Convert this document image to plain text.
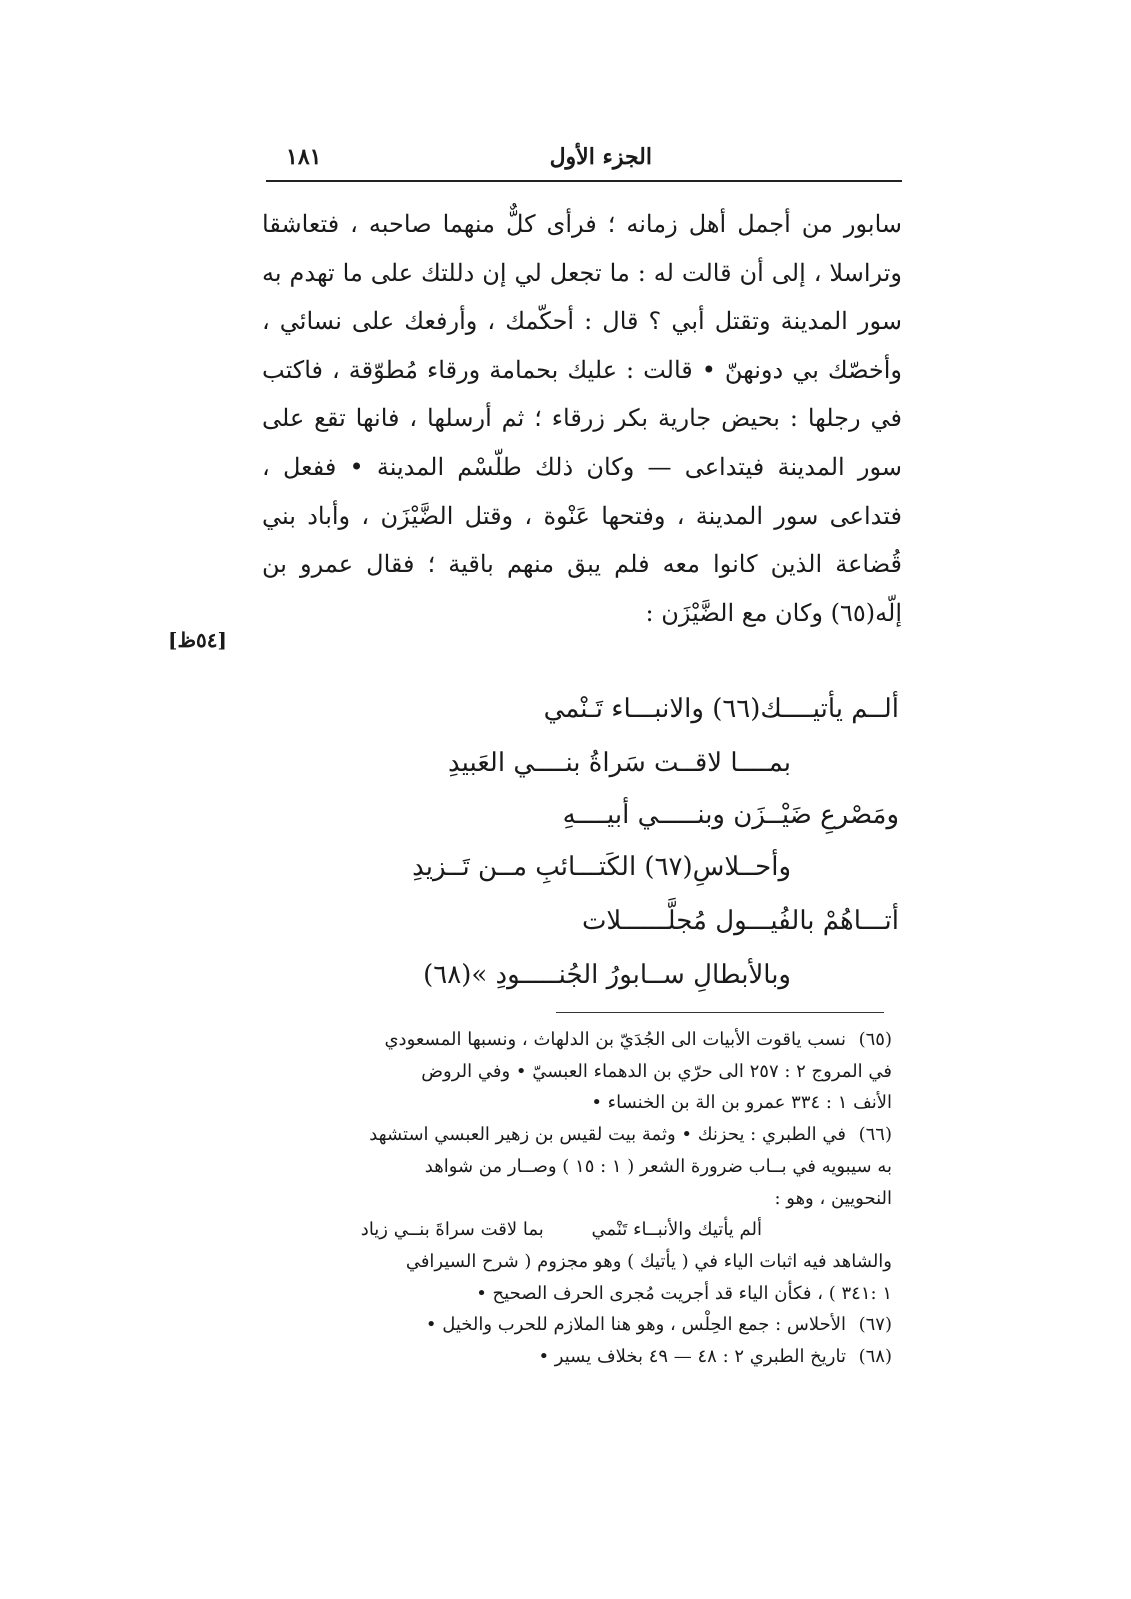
الجزء الأول
١٨١

سابور من أجمل أهل زمانه ؛ فرأى كلٌّ منهما صاحبه ، فتعاشقا وتراسلا ، إلى أن قالت له : ما تجعل لي إن دللتك على ما تهدم به سور المدينة وتقتل أبي ؟ قال : أحكّمك ، وأرفعك على نسائي ، وأخصّك بي دونهنّ • قالت : عليك بحمامة ورقاء مُطوّقة ، فاكتب في رجلها : بحيض جارية بكر زرقاء ؛ ثم أرسلها ، فانها تقع على سور المدينة فيتداعى — وكان ذلك طلّسْم المدينة • ففعل ، فتداعى سور المدينة ، وفتحها عَنْوة ، وقتل الضَّيْزَن ، وأباد بني قُضاعة الذين كانوا معه فلم يبق منهم باقية ؛ فقال عمرو بن إلّه(٦٥) وكان مع الضَّيْزَن :

[٥٤ظ]
ألــم يأتيــــك(٦٦) والانبـــاء تَـنْمي
بمــــا لاقــت سَراةُ بنــــي العَبيدِ
ومَصْرعِ ضَيْــزَن وبنـــــي أبيــــهِ
وأحــلاسِ(٦٧) الكَتـــائبِ مــن تَــزيدِ
أتـــاهُمْ بالفُيـــول مُجلَّــــــلات
وبالأبطالِ ســابورُ الجُنـــــودِ »(٦٨)
(٦٥)
نسب ياقوت الأبيات الى الجُدَيّ بن الدلهاث ، ونسبها المسعودي
في المروج ٢ : ٢٥٧ الى حرّي بن الدهماء العبسيّ • وفي الروض
الأنف ١ : ٣٣٤ عمرو بن الة بن الخنساء •
(٦٦)
في الطبري : يحزنك • وثمة بيت لقيس بن زهير العبسي استشهد
به سيبويه في بــاب ضرورة الشعر ( ١ : ١٥ ) وصــار من شواهد
النحويين ، وهو :
ألم يأتيك والأنبــاء تَنْمي بما لاقت سراةَ بنــي زياد
والشاهد فيه اثبات الياء في ( يأتيك ) وهو مجزوم ( شرح السيرافي
١ :٣٤١ ) ، فكأن الياء قد أجريت مُجرى الحرف الصحيح •
(٦٧)
الأحلاس : جمع الحِلْس ، وهو هنا الملازم للحرب والخيل •
(٦٨)
تاريخ الطبري ٢ : ٤٨ — ٤٩ بخلاف يسير •
